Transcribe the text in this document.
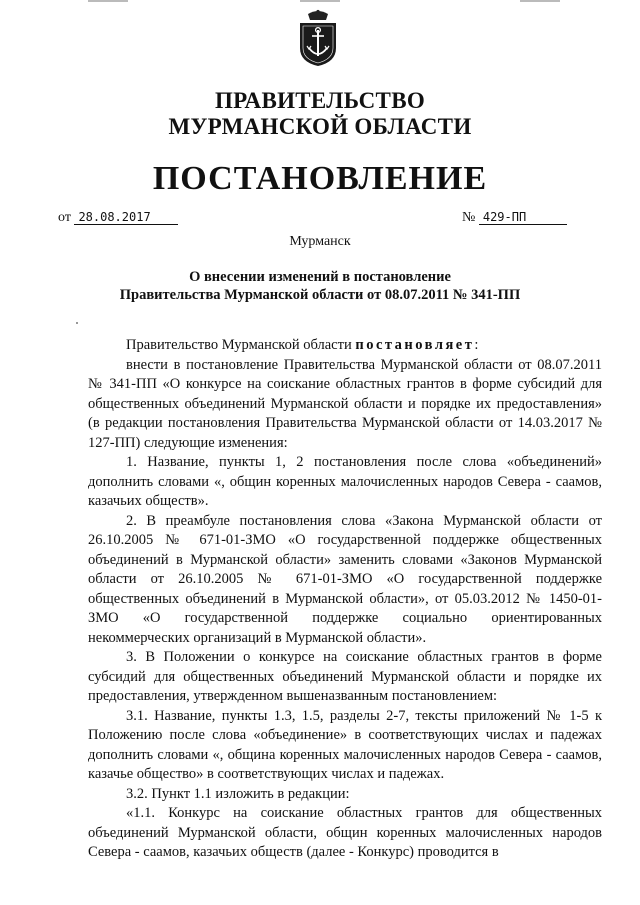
ПРАВИТЕЛЬСТВО
МУРМАНСКОЙ ОБЛАСТИ
ПОСТАНОВЛЕНИЕ
от 28.08.2017	№ 429-ПП
Мурманск
О внесении изменений в постановление
Правительства Мурманской области от 08.07.2011 № 341-ПП

Правительство Мурманской области постановляет:

внести в постановление Правительства Мурманской области от 08.07.2011 № 341-ПП «О конкурсе на соискание областных грантов в форме субсидий для общественных объединений Мурманской области и порядке их предоставления» (в редакции постановления Правительства Мурманской области от 14.03.2017 № 127-ПП) следующие изменения:

1. Название, пункты 1, 2 постановления после слова «объединений» дополнить словами «, общин коренных малочисленных народов Севера - саамов, казачьих обществ».

2. В преамбуле постановления слова «Закона Мурманской области от 26.10.2005 № 671-01-ЗМО «О государственной поддержке общественных объединений в Мурманской области» заменить словами «Законов Мурманской области от 26.10.2005 № 671-01-ЗМО «О государственной поддержке общественных объединений в Мурманской области», от 05.03.2012 № 1450-01-ЗМО «О государственной поддержке социально ориентированных некоммерческих организаций в Мурманской области».

3. В Положении о конкурсе на соискание областных грантов в форме субсидий для общественных объединений Мурманской области и порядке их предоставления, утвержденном вышеназванным постановлением:

3.1. Название, пункты 1.3, 1.5, разделы 2-7, тексты приложений № 1-5 к Положению после слова «объединение» в соответствующих числах и падежах дополнить словами «, община коренных малочисленных народов Севера - саамов, казачье общество» в соответствующих числах и падежах.

3.2. Пункт 1.1 изложить в редакции:

«1.1. Конкурс на соискание областных грантов для общественных объединений Мурманской области, общин коренных малочисленных народов Севера - саамов, казачьих обществ (далее - Конкурс) проводится в
